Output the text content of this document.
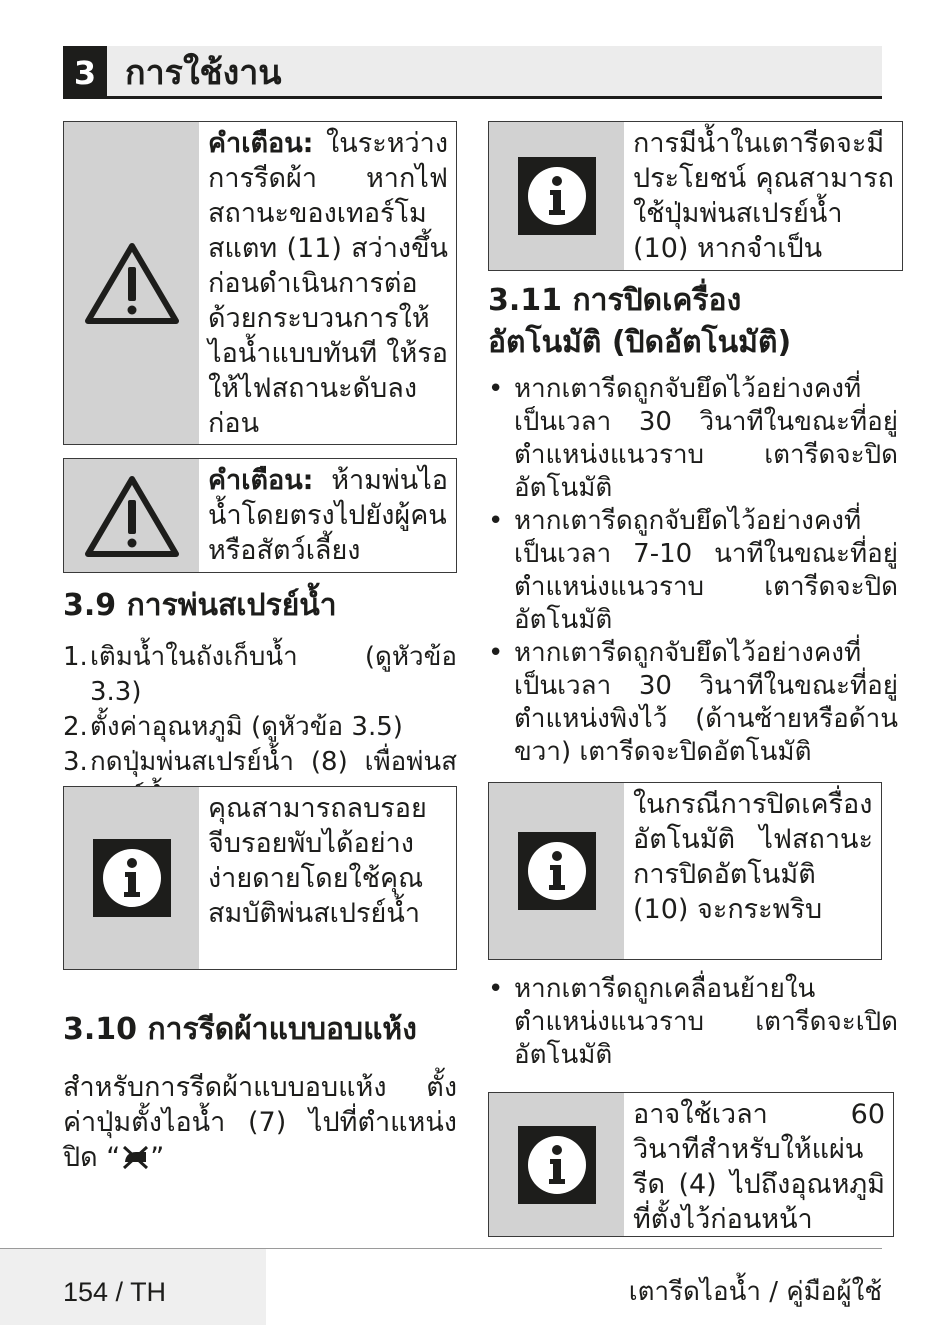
3 การใช้งาน
คำเตือน: ในระหว่างการรีดผ้า หากไฟสถานะของเทอร์โมสแตท (11) สว่างขึ้น ก่อนดำเนินการต่อด้วยกระบวนการให้ไอน้ำแบบทันที ให้รอให้ไฟสถานะดับลงก่อน
คำเตือน: ห้ามพ่นไอน้ำโดยตรงไปยังผู้คนหรือสัตว์เลี้ยง
3.9 การพ่นสเปรย์น้ำ
1. เติมน้ำในถังเก็บน้ำ (ดูหัวข้อ 3.3)
2. ตั้งค่าอุณหภูมิ (ดูหัวข้อ 3.5)
3. กดปุ่มพ่นสเปรย์น้ำ (8) เพื่อพ่นส
คุณสามารถลบรอยจีบรอยพับได้อย่างง่ายดายโดยใช้คุณสมบัติพ่นสเปรย์น้ำ
3.10 การรีดผ้าแบบอบแห้ง
สำหรับการรีดผ้าแบบอบแห้ง ตั้งค่าปุ่มตั้งไอน้ำ (7) ไปที่ตำแหน่งปิด “ ”
การมีน้ำในเตารีดจะมีประโยชน์ คุณสามารถใช้ปุ่มพ่นสเปรย์น้ำ (10) หากจำเป็น
3.11 การปิดเครื่อง
อัตโนมัติ (ปิดอัตโนมัติ)
• หากเตารีดถูกจับยึดไว้อย่างคงที่เป็นเวลา 30 วินาทีในขณะที่อยู่ตำแหน่งแนวราบ เตารีดจะปิดอัตโนมัติ
• หากเตารีดถูกจับยึดไว้อย่างคงที่เป็นเวลา 7-10 นาทีในขณะที่อยู่ตำแหน่งแนวราบ เตารีดจะปิดอัตโนมัติ
• หากเตารีดถูกจับยึดไว้อย่างคงที่เป็นเวลา 30 วินาทีในขณะที่อยู่ตำแหน่งพิงไว้ (ด้านซ้ายหรือด้านขวา) เตารีดจะปิดอัตโนมัติ
ในกรณีการปิดเครื่องอัตโนมัติ ไฟสถานะการปิดอัตโนมัติ (10) จะกระพริบ
• หากเตารีดถูกเคลื่อนย้ายในตำแหน่งแนวราบ เตารีดจะเปิดอัตโนมัติ
อาจใช้เวลา 60 วินาทีสำหรับให้แผ่นรีด (4) ไปถึงอุณหภูมิที่ตั้งไว้ก่อนหน้า
154 / TH	เตารีดไอน้ำ / คู่มือผู้ใช้
